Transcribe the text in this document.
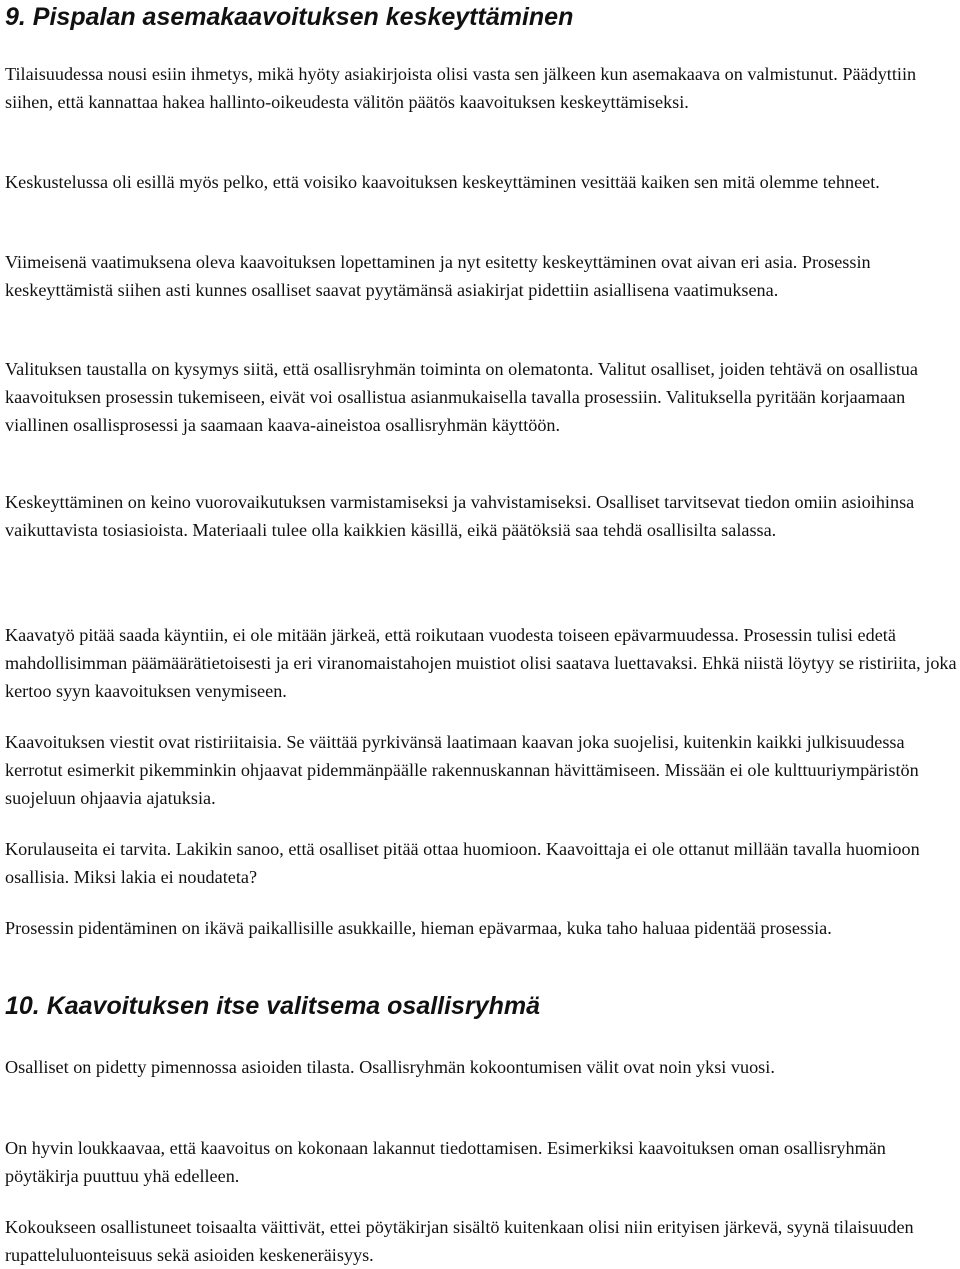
9. Pispalan asemakaavoituksen keskeyttäminen

Tilaisuudessa nousi esiin ihmetys, mikä hyöty asiakirjoista olisi vasta sen jälkeen kun asemakaava on valmistunut. Päädyttiin siihen, että kannattaa hakea hallinto-oikeudesta välitön päätös kaavoituksen keskeyttämiseksi.

Keskustelussa oli esillä myös pelko, että voisiko kaavoituksen keskeyttäminen vesittää kaiken sen mitä olemme tehneet.

Viimeisenä vaatimuksena oleva kaavoituksen lopettaminen ja nyt esitetty keskeyttäminen ovat aivan eri asia. Prosessin keskeyttämistä siihen asti kunnes osalliset saavat pyytämänsä asiakirjat pidettiin asiallisena vaatimuksena.

Valituksen taustalla on kysymys siitä, että osallisryhmän toiminta on olematonta. Valitut osalliset, joiden tehtävä on osallistua kaavoituksen prosessin tukemiseen, eivät voi osallistua asianmukaisella tavalla prosessiin. Valituksella pyritään korjaamaan viallinen osallisprosessi ja saamaan kaava-aineistoa osallisryhmän käyttöön.

Keskeyttäminen on keino vuorovaikutuksen varmistamiseksi ja vahvistamiseksi. Osalliset tarvitsevat tiedon omiin asioihinsa vaikuttavista tosiasioista. Materiaali tulee olla kaikkien käsillä, eikä päätöksiä saa tehdä osallisilta salassa.

Kaavatyö pitää saada käyntiin, ei ole mitään järkeä, että roikutaan vuodesta toiseen epävarmuudessa. Prosessin tulisi edetä mahdollisimman päämäärätietoisesti ja eri viranomaistahojen muistiot olisi saatava luettavaksi. Ehkä niistä löytyy se ristiriita, joka kertoo syyn kaavoituksen venymiseen.

Kaavoituksen viestit ovat ristiriitaisia. Se väittää pyrkivänsä laatimaan kaavan joka suojelisi, kuitenkin kaikki julkisuudessa kerrotut esimerkit pikemminkin ohjaavat pidemmänpäälle rakennuskannan hävittämiseen. Missään ei ole kulttuuriympäristön suojeluun ohjaavia ajatuksia.

Korulauseita ei tarvita. Lakikin sanoo, että osalliset pitää ottaa huomioon. Kaavoittaja ei ole ottanut millään tavalla huomioon osallisia. Miksi lakia ei noudateta?

Prosessin pidentäminen on ikävä paikallisille asukkaille, hieman epävarmaa, kuka taho haluaa pidentää prosessia.

10. Kaavoituksen itse valitsema osallisryhmä

Osalliset on pidetty pimennossa asioiden tilasta. Osallisryhmän kokoontumisen välit ovat noin yksi vuosi.

On hyvin loukkaavaa, että kaavoitus on kokonaan lakannut tiedottamisen. Esimerkiksi kaavoituksen oman osallisryhmän pöytäkirja puuttuu yhä edelleen.

Kokoukseen osallistuneet toisaalta väittivät, ettei pöytäkirjan sisältö kuitenkaan olisi niin erityisen järkevä, syynä tilaisuuden rupatteluluonteisuus sekä asioiden keskeneräisyys.
